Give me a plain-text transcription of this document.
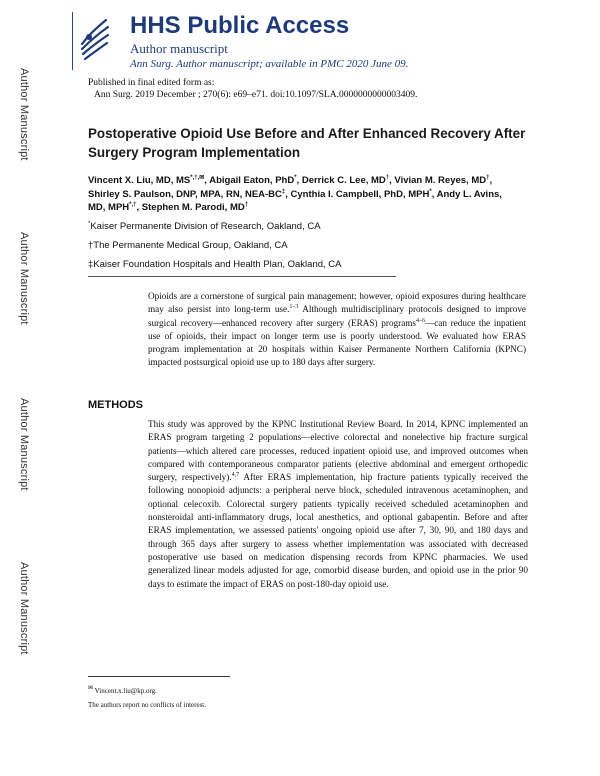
Author Manuscript
Author Manuscript
Author Manuscript
Author Manuscript
HHS Public Access
Author manuscript
Ann Surg. Author manuscript; available in PMC 2020 June 09.
Published in final edited form as:
Ann Surg. 2019 December ; 270(6): e69–e71. doi:10.1097/SLA.0000000000003409.
Postoperative Opioid Use Before and After Enhanced Recovery After Surgery Program Implementation
Vincent X. Liu, MD, MS*,†,✉, Abigail Eaton, PhD*, Derrick C. Lee, MD†, Vivian M. Reyes, MD†, Shirley S. Paulson, DNP, MPA, RN, NEA-BC‡, Cynthia I. Campbell, PhD, MPH*, Andy L. Avins, MD, MPH*,†, Stephen M. Parodi, MD†
*Kaiser Permanente Division of Research, Oakland, CA
†The Permanente Medical Group, Oakland, CA
‡Kaiser Foundation Hospitals and Health Plan, Oakland, CA
Opioids are a cornerstone of surgical pain management; however, opioid exposures during healthcare may also persist into long-term use.$^{1-3}$ Although multidisciplinary protocols designed to improve surgical recovery—enhanced recovery after surgery (ERAS) programs$^{4-6}$—can reduce the inpatient use of opioids, their impact on longer term use is poorly understood. We evaluated how ERAS program implementation at 20 hospitals within Kaiser Permanente Northern California (KPNC) impacted postsurgical opioid use up to 180 days after surgery.
METHODS
This study was approved by the KPNC Institutional Review Board. In 2014, KPNC implemented an ERAS program targeting 2 populations—elective colorectal and nonelective hip fracture surgical patients—which altered care processes, reduced inpatient opioid use, and improved outcomes when compared with contemporaneous comparator patients (elective abdominal and emergent orthopedic surgery, respectively).$^{4,7}$ After ERAS implementation, hip fracture patients typically received the following nonopioid adjuncts: a peripheral nerve block, scheduled intravenous acetaminophen, and optional celecoxib. Colorectal surgery patients typically received scheduled acetaminophen and nonsteroidal anti-inflammatory drugs, local anesthetics, and optional gabapentin. Before and after ERAS implementation, we assessed patients' ongoing opioid use after 7, 30, 90, and 180 days and through 365 days after surgery to assess whether implementation was associated with decreased postoperative use based on medication dispensing records from KPNC pharmacies. We used generalized linear models adjusted for age, comorbid disease burden, and opioid use in the prior 90 days to estimate the impact of ERAS on post-180-day opioid use.
✉ Vincent.x.liu@kp.org.
The authors report no conflicts of interest.
